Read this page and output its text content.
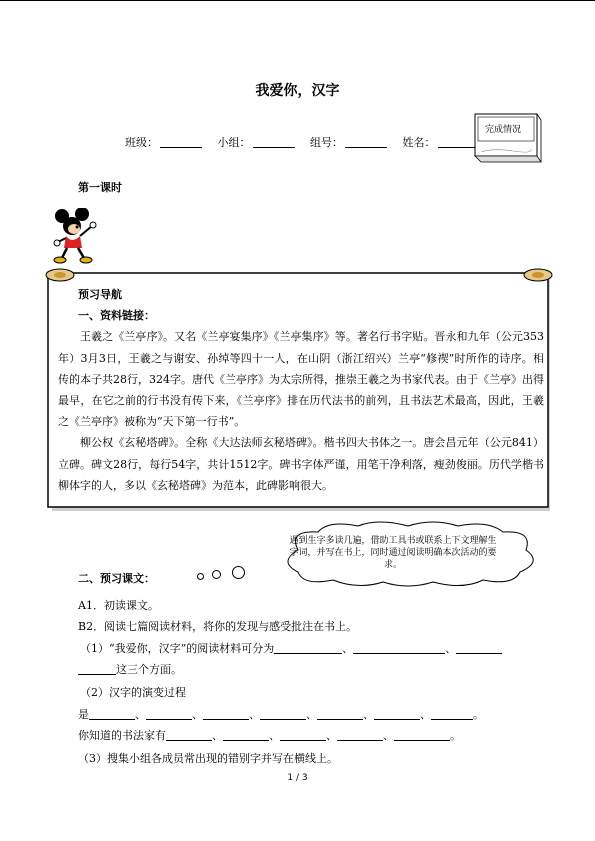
我爱你，汉字
班级：	小组：	组号：	姓名：
完成情况
第一课时
预习导航
一、资料链接：
王羲之《兰亭序》。又名《兰亭宴集序》《兰亭集序》等。著名行书字贴。晋永和九年（公元353年）3月3日，王羲之与谢安、孙绰等四十一人，在山阴（浙江绍兴）兰亭“修禊”时所作的诗序。相传的本子共28行，324字。唐代《兰亭序》为太宗所得，推崇王羲之为书家代表。由于《兰亭》出得最早，在它之前的行书没有传下来，《兰亭序》排在历代法书的前列，且书法艺术最高，因此，王羲之《兰亭序》被称为“天下第一行书”。
柳公权《玄秘塔碑》。全称《大达法师玄秘塔碑》。楷书四大书体之一。唐会昌元年（公元841）立碑。碑文28行，每行54字，共计1512字。碑书字体严谨，用笔干净利落，瘦劲俊丽。历代学楷书柳体字的人，多以《玄秘塔碑》为范本，此碑影响很大。
遇到生字多读几遍，借助工具书或联系上下文理解生字词，并写在书上，同时通过阅读明确本次活动的要求。
二、预习课文：
A1．初读课文。
B2．阅读七篇阅读材料，将你的发现与感受批注在书上。
（1）“我爱你，汉字”的阅读材料可分为	、	、
这三个方面。
（2）汉字的演变过程
是	、	、	、	、	、	、	。
你知道的书法家有	、	、	、	、	。
（3）搜集小组各成员常出现的错别字并写在横线上。
1 / 3
